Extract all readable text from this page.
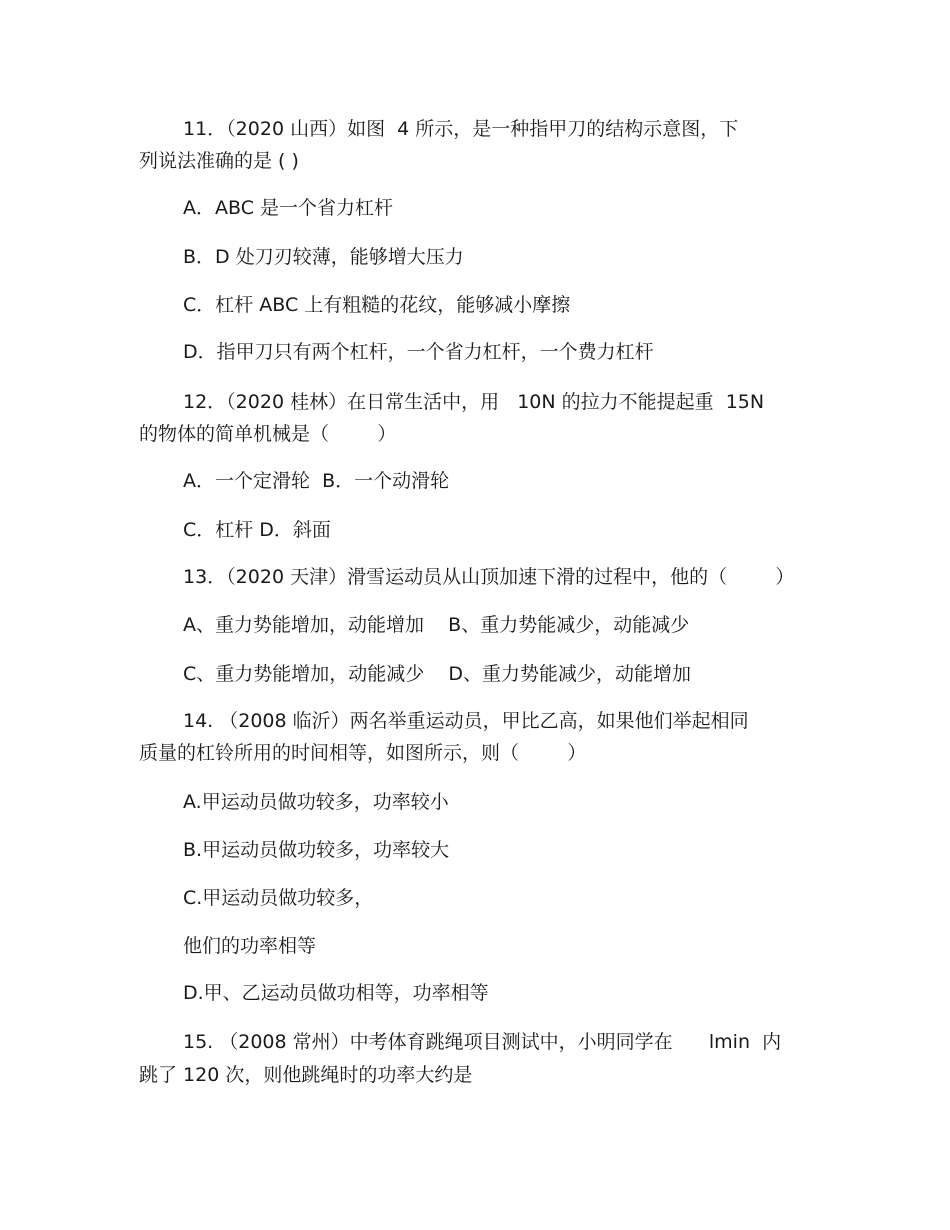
11．（2020 山西）如图  4 所示，是一种指甲刀的结构示意图，下
列说法准确的是 ( )
A．ABC 是一个省力杠杆
B．D 处刀刃较薄，能够增大压力
C．杠杆 ABC 上有粗糙的花纹，能够减小摩擦
D．指甲刀只有两个杠杆，一个省力杠杆，一个费力杠杆
12．（2020 桂林）在日常生活中，用   10N 的拉力不能提起重  15N
的物体的简单机械是（        ）
A．一个定滑轮  B．一个动滑轮
C．杠杆 D．斜面
13．（2020 天津）滑雪运动员从山顶加速下滑的过程中，他的（        ）
A、重力势能增加，动能增加    B、重力势能减少，动能减少
C、重力势能增加，动能减少    D、重力势能减少，动能增加
14. （2008 临沂）两名举重运动员，甲比乙高，如果他们举起相同
质量的杠铃所用的时间相等，如图所示，则（        ）
A.甲运动员做功较多，功率较小
B.甲运动员做功较多，功率较大
C.甲运动员做功较多，
他们的功率相等
D.甲、乙运动员做功相等，功率相等
15. （2008 常州）中考体育跳绳项目测试中，小明同学在      lmin  内
跳了 120 次，则他跳绳时的功率大约是
